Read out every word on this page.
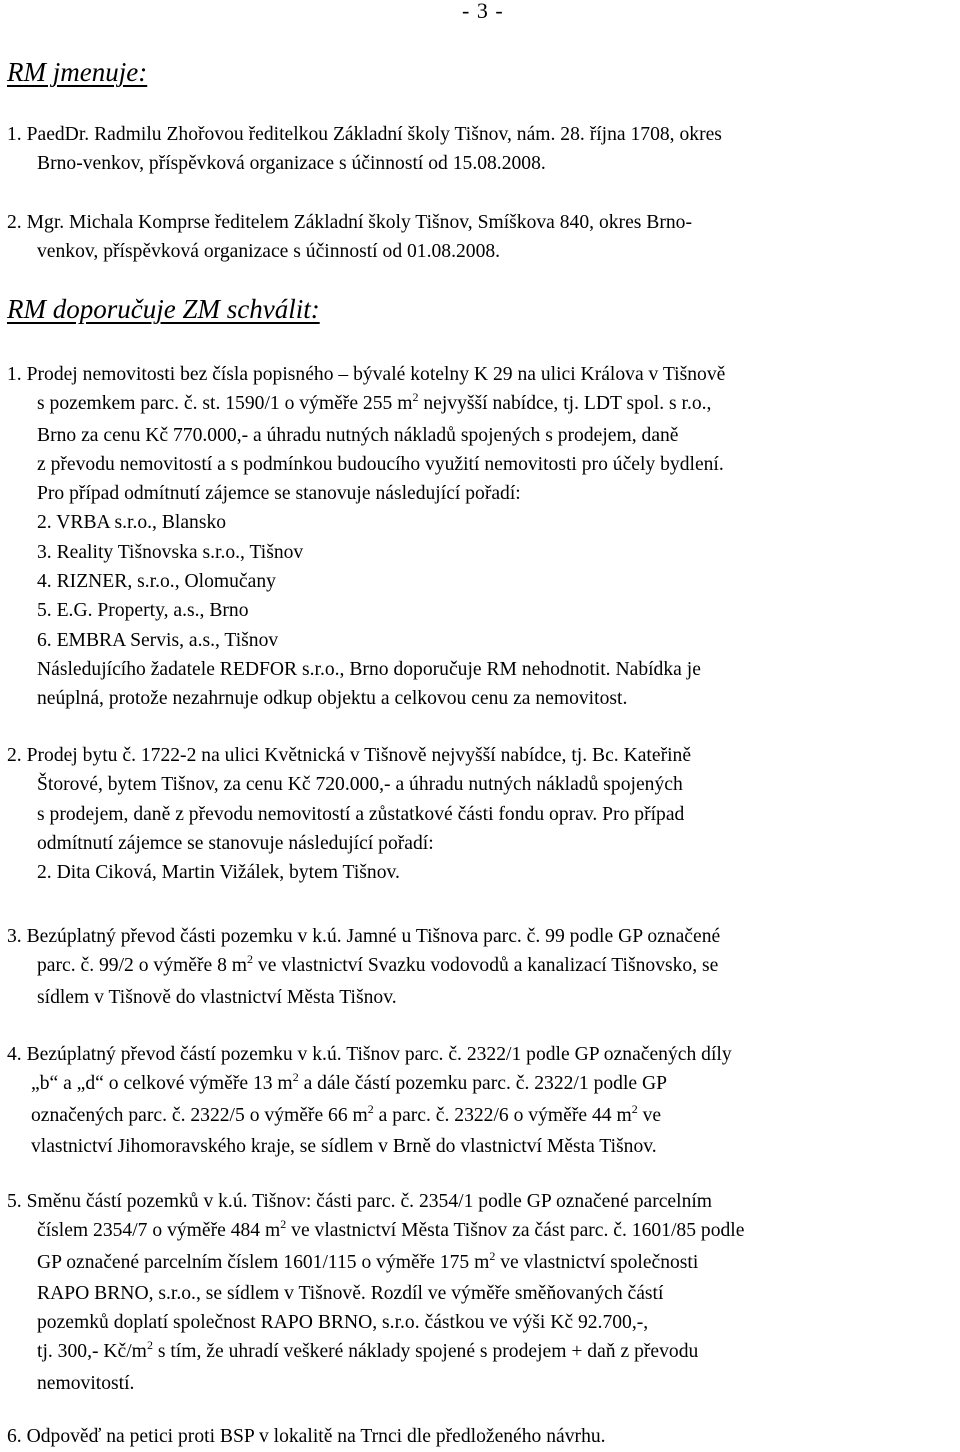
- 3 -
RM jmenuje:
1. PaedDr. Radmilu Zhořovou ředitelkou Základní školy Tišnov, nám. 28. října 1708, okres
Brno-venkov, příspěvková organizace s účinností od 15.08.2008.
2. Mgr. Michala Komprse ředitelem Základní školy Tišnov, Smíškova 840, okres Brno-
venkov, příspěvková organizace s účinností od 01.08.2008.
RM doporučuje ZM schválit:
1. Prodej nemovitosti bez čísla popisného – bývalé kotelny K 29 na ulici Králova v Tišnově
s pozemkem parc. č. st. 1590/1 o výměře 255 $m^2$ nejvyšší nabídce, tj. LDT spol. s r.o.,
Brno za cenu Kč 770.000,- a úhradu nutných nákladů spojených s prodejem, daně
z převodu nemovitostí a s podmínkou budoucího využití nemovitosti pro účely bydlení.
Pro případ odmítnutí zájemce se stanovuje následující pořadí:
2. VRBA s.r.o., Blansko
3. Reality Tišnovska s.r.o., Tišnov
4. RIZNER, s.r.o., Olomučany
5. E.G. Property, a.s., Brno
6. EMBRA Servis, a.s., Tišnov
Následujícího žadatele REDFOR s.r.o., Brno doporučuje RM nehodnotit. Nabídka je
neúplná, protože nezahrnuje odkup objektu a celkovou cenu za nemovitost.
2. Prodej bytu č. 1722-2 na ulici Květnická v Tišnově nejvyšší nabídce, tj. Bc. Kateřině
Štorové, bytem Tišnov, za cenu Kč 720.000,- a úhradu nutných nákladů spojených
s prodejem, daně z převodu nemovitostí a zůstatkové části fondu oprav. Pro případ
odmítnutí zájemce se stanovuje následující pořadí:
2. Dita Ciková, Martin Vižálek, bytem Tišnov.
3. Bezúplatný převod části pozemku v k.ú. Jamné u Tišnova parc. č. 99 podle GP označené
parc. č. 99/2 o výměře 8 $m^2$ ve vlastnictví Svazku vodovodů a kanalizací Tišnovsko, se
sídlem v Tišnově do vlastnictví Města Tišnov.
4. Bezúplatný převod částí pozemku v k.ú. Tišnov parc. č. 2322/1 podle GP označených díly
„b“ a „d“ o celkové výměře 13 $m^2$ a dále částí pozemku parc. č. 2322/1 podle GP
označených parc. č. 2322/5 o výměře 66 $m^2$ a parc. č. 2322/6 o výměře 44 $m^2$ ve
vlastnictví Jihomoravského kraje, se sídlem v Brně do vlastnictví Města Tišnov.
5. Směnu částí pozemků v k.ú. Tišnov: části parc. č. 2354/1 podle GP označené parcelním
číslem 2354/7 o výměře 484 $m^2$ ve vlastnictví Města Tišnov za část parc. č. 1601/85 podle
GP označené parcelním číslem 1601/115 o výměře 175 $m^2$ ve vlastnictví společnosti
RAPO BRNO, s.r.o., se sídlem v Tišnově. Rozdíl ve výměře směňovaných částí
pozemků doplatí společnost RAPO BRNO, s.r.o. částkou ve výši Kč 92.700,-,
tj. 300,- $Kč/m^2$ s tím, že uhradí veškeré náklady spojené s prodejem + daň z převodu
nemovitostí.
6. Odpověď na petici proti BSP v lokalitě na Trnci dle předloženého návrhu.
